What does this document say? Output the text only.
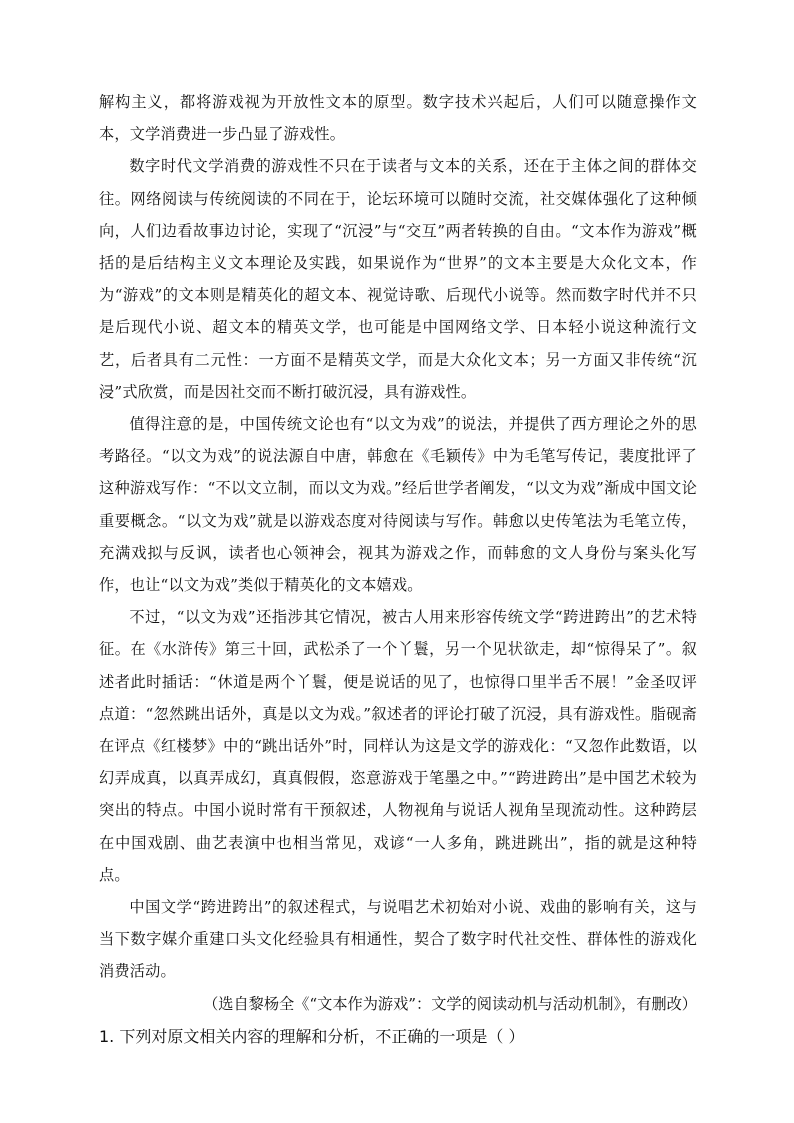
解构主义，都将游戏视为开放性文本的原型。数字技术兴起后，人们可以随意操作文本，文学消费进一步凸显了游戏性。

数字时代文学消费的游戏性不只在于读者与文本的关系，还在于主体之间的群体交往。网络阅读与传统阅读的不同在于，论坛环境可以随时交流，社交媒体强化了这种倾向，人们边看故事边讨论，实现了“沉浸”与“交互”两者转换的自由。“文本作为游戏”概括的是后结构主义文本理论及实践，如果说作为“世界”的文本主要是大众化文本，作为“游戏”的文本则是精英化的超文本、视觉诗歌、后现代小说等。然而数字时代并不只是后现代小说、超文本的精英文学，也可能是中国网络文学、日本轻小说这种流行文艺，后者具有二元性：一方面不是精英文学，而是大众化文本；另一方面又非传统“沉浸”式欣赏，而是因社交而不断打破沉浸，具有游戏性。

值得注意的是，中国传统文论也有“以文为戏”的说法，并提供了西方理论之外的思考路径。“以文为戏”的说法源自中唐，韩愈在《毛颖传》中为毛笔写传记，裴度批评了这种游戏写作：“不以文立制，而以文为戏。”经后世学者阐发，“以文为戏”渐成中国文论重要概念。“以文为戏”就是以游戏态度对待阅读与写作。韩愈以史传笔法为毛笔立传，充满戏拟与反讽，读者也心领神会，视其为游戏之作，而韩愈的文人身份与案头化写作，也让“以文为戏”类似于精英化的文本嬉戏。

不过，“以文为戏”还指涉其它情况，被古人用来形容传统文学“跨进跨出”的艺术特征。在《水浒传》第三十回，武松杀了一个丫鬟，另一个见状欲走，却“惊得呆了”。叙述者此时插话：“休道是两个丫鬟，便是说话的见了，也惊得口里半舌不展！”金圣叹评点道：“忽然跳出话外，真是以文为戏。”叙述者的评论打破了沉浸，具有游戏性。脂砚斋在评点《红楼梦》中的“跳出话外”时，同样认为这是文学的游戏化：“又忽作此数语，以幻弄成真，以真弄成幻，真真假假，恣意游戏于笔墨之中。”“跨进跨出”是中国艺术较为突出的特点。中国小说时常有干预叙述，人物视角与说话人视角呈现流动性。这种跨层在中国戏剧、曲艺表演中也相当常见，戏谚“一人多角，跳进跳出”，指的就是这种特点。

中国文学“跨进跨出”的叙述程式，与说唱艺术初始对小说、戏曲的影响有关，这与当下数字媒介重建口头文化经验具有相通性，契合了数字时代社交性、群体性的游戏化消费活动。

（选自黎杨全《“文本作为游戏”：文学的阅读动机与活动机制》，有删改）

1. 下列对原文相关内容的理解和分析，不正确的一项是（ ）
